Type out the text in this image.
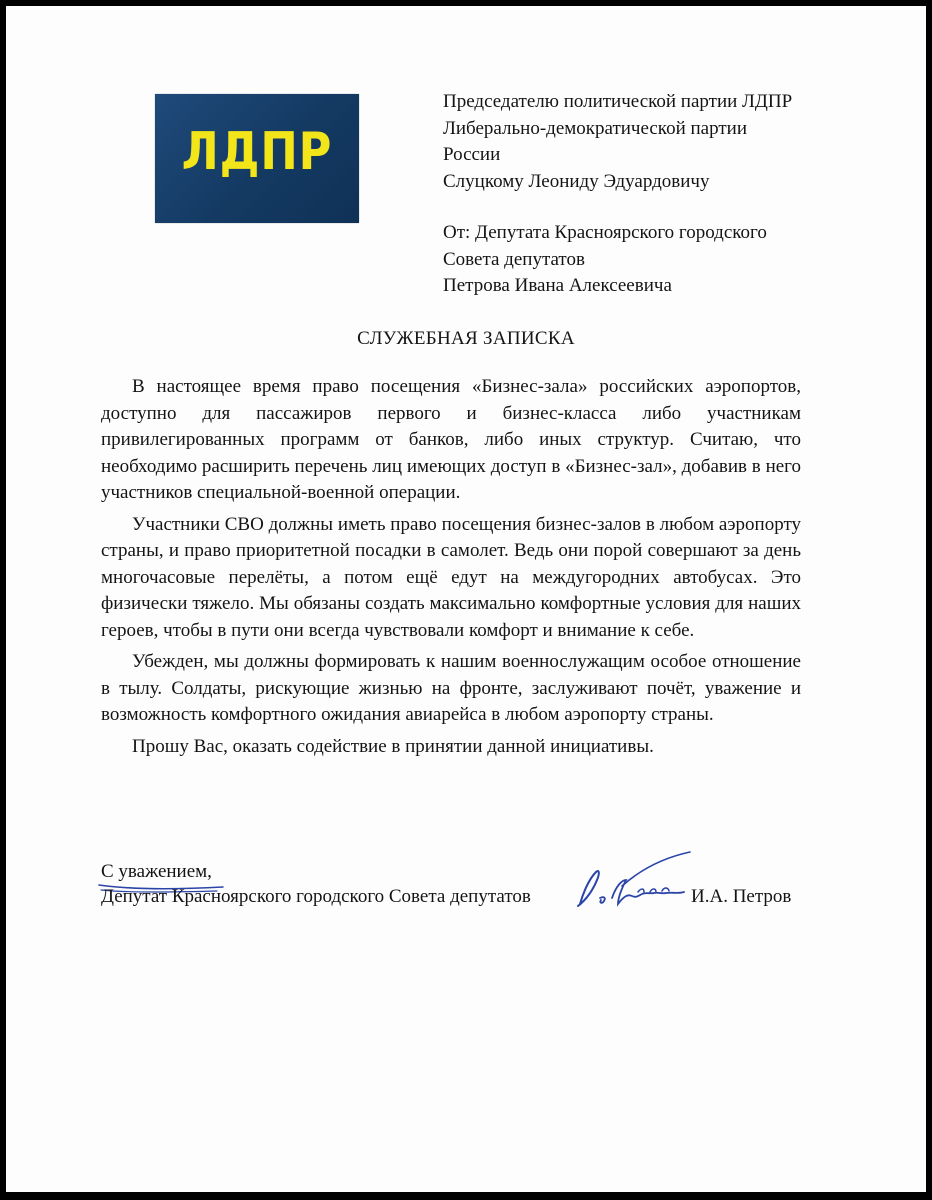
ЛДПР
Председателю политической партии ЛДПР
Либерально-демократической партии
России
Слуцкому Леониду Эдуардовичу
От: Депутата Красноярского городского
Совета депутатов
Петрова Ивана Алексеевича
СЛУЖЕБНАЯ ЗАПИСКА

В настоящее время право посещения «Бизнес-зала» российских аэропортов, доступно для пассажиров первого и бизнес-класса либо участникам привилегированных программ от банков, либо иных структур. Считаю, что необходимо расширить перечень лиц имеющих доступ в «Бизнес-зал», добавив в него участников специальной-военной операции.

Участники СВО должны иметь право посещения бизнес-залов в любом аэропорту страны, и право приоритетной посадки в самолет. Ведь они порой совершают за день многочасовые перелёты, а потом ещё едут на междугородних автобусах. Это физически тяжело. Мы обязаны создать максимально комфортные условия для наших героев, чтобы в пути они всегда чувствовали комфорт и внимание к себе.

Убежден, мы должны формировать к нашим военнослужащим особое отношение в тылу. Солдаты, рискующие жизнью на фронте, заслуживают почёт, уважение и возможность комфортного ожидания авиарейса в любом аэропорту страны.

Прошу Вас, оказать содействие в принятии данной инициативы.

С уважением,
Депутат Красноярского городского Совета депутатов	И.А. Петров
